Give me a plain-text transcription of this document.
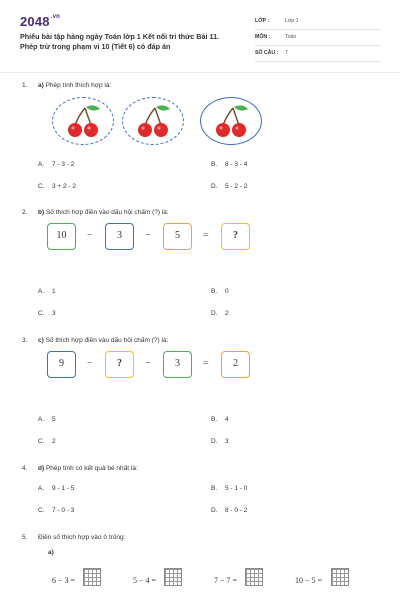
$2048^{.vn}$
Phiếu bài tập hàng ngày Toán lớp 1 Kết nối tri thức Bài 11.
Phép trừ trong phạm vi 10 (Tiết 6) có đáp án
LỚP :	Lớp 1
MÔN :	Toán
SỐ CÂU : 7
1. a) Phép tính thích hợp là:
A. 7 - 3 - 2	B. 8 - 3 - 4
C. 3 + 2 - 2	D. 5 - 2 - 2
2. b) Số thích hợp điền vào dấu hỏi chấm (?) là:
10	−	3	−	5	=	?
A. 1	B. 0
C. 3	D. 2
3. c) Số thích hợp điền vào dấu hỏi chấm (?) là:
9	−	?	−	3	=	2
A. 5	B. 4
C. 2	D. 3
4. d) Phép tính có kết quả bé nhất là:
A. 9 - 1 - 5	B. 5 - 1 - 0
C. 7 - 0 - 3	D. 8 - 0 - 2
5. Điền số thích hợp vào ô trống:
a)
6 − 3 =	5 − 4 =	7 − 7 =	10 − 5 =
